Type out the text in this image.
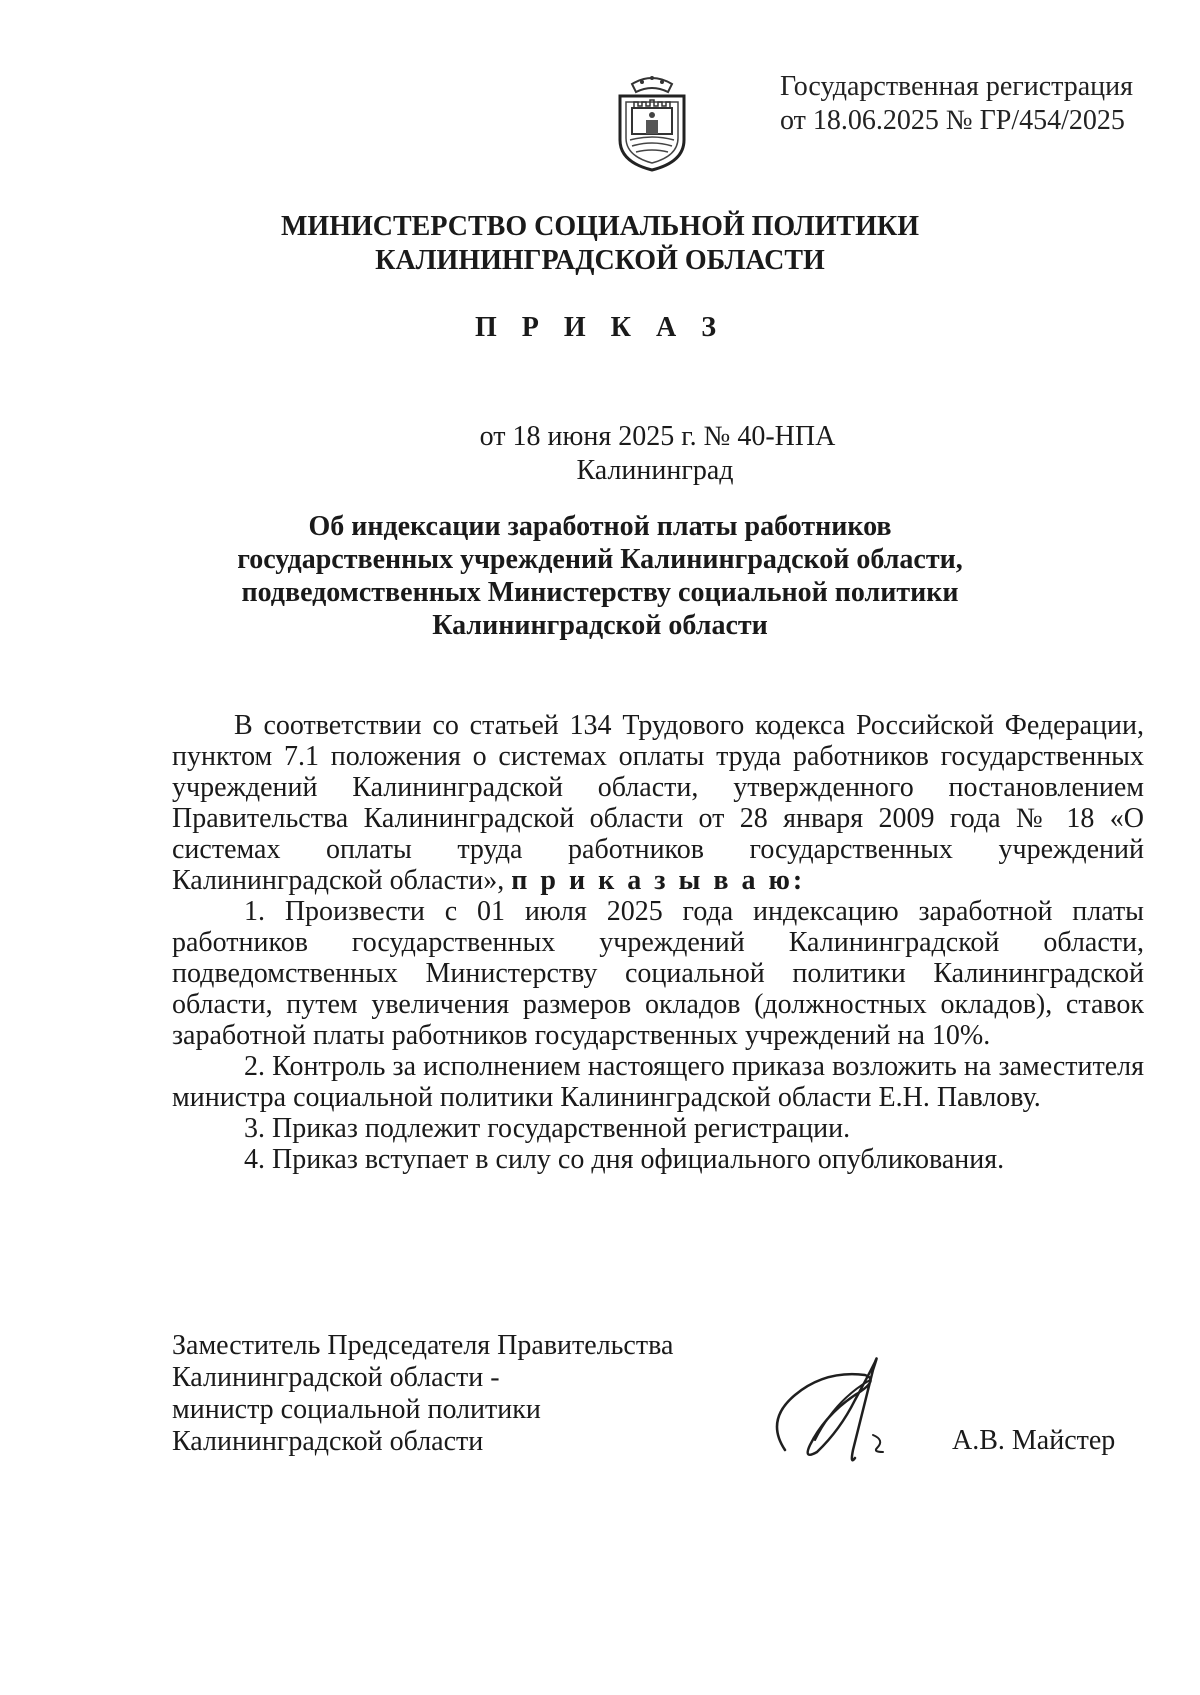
Государственная регистрация
от 18.06.2025 № ГР/454/2025
МИНИСТЕРСТВО СОЦИАЛЬНОЙ ПОЛИТИКИ
КАЛИНИНГРАДСКОЙ ОБЛАСТИ
П Р И К А З
от 18 июня 2025 г. № 40-НПА
Калининград
Об индексации заработной платы работников
государственных учреждений Калининградской области,
подведомственных Министерству социальной политики
Калининградской области

В соответствии со статьей 134 Трудового кодекса Российской Федерации, пунктом 7.1 положения о системах оплаты труда работников государственных учреждений Калининградской области, утвержденного постановлением Правительства Калининградской области от 28 января 2009 года № 18 «О системах оплаты труда работников государственных учреждений Калининградской области», п р и к а з ы в а ю:

1. Произвести с 01 июля 2025 года индексацию заработной платы работников государственных учреждений Калининградской области, подведомственных Министерству социальной политики Калининградской области, путем увеличения размеров окладов (должностных окладов), ставок заработной платы работников государственных учреждений на 10%.

2. Контроль за исполнением настоящего приказа возложить на заместителя министра социальной политики Калининградской области Е.Н. Павлову.

3. Приказ подлежит государственной регистрации.

4. Приказ вступает в силу со дня официального опубликования.

Заместитель Председателя Правительства
Калининградской области -
министр социальной политики
Калининградской области	А.В. Майстер
